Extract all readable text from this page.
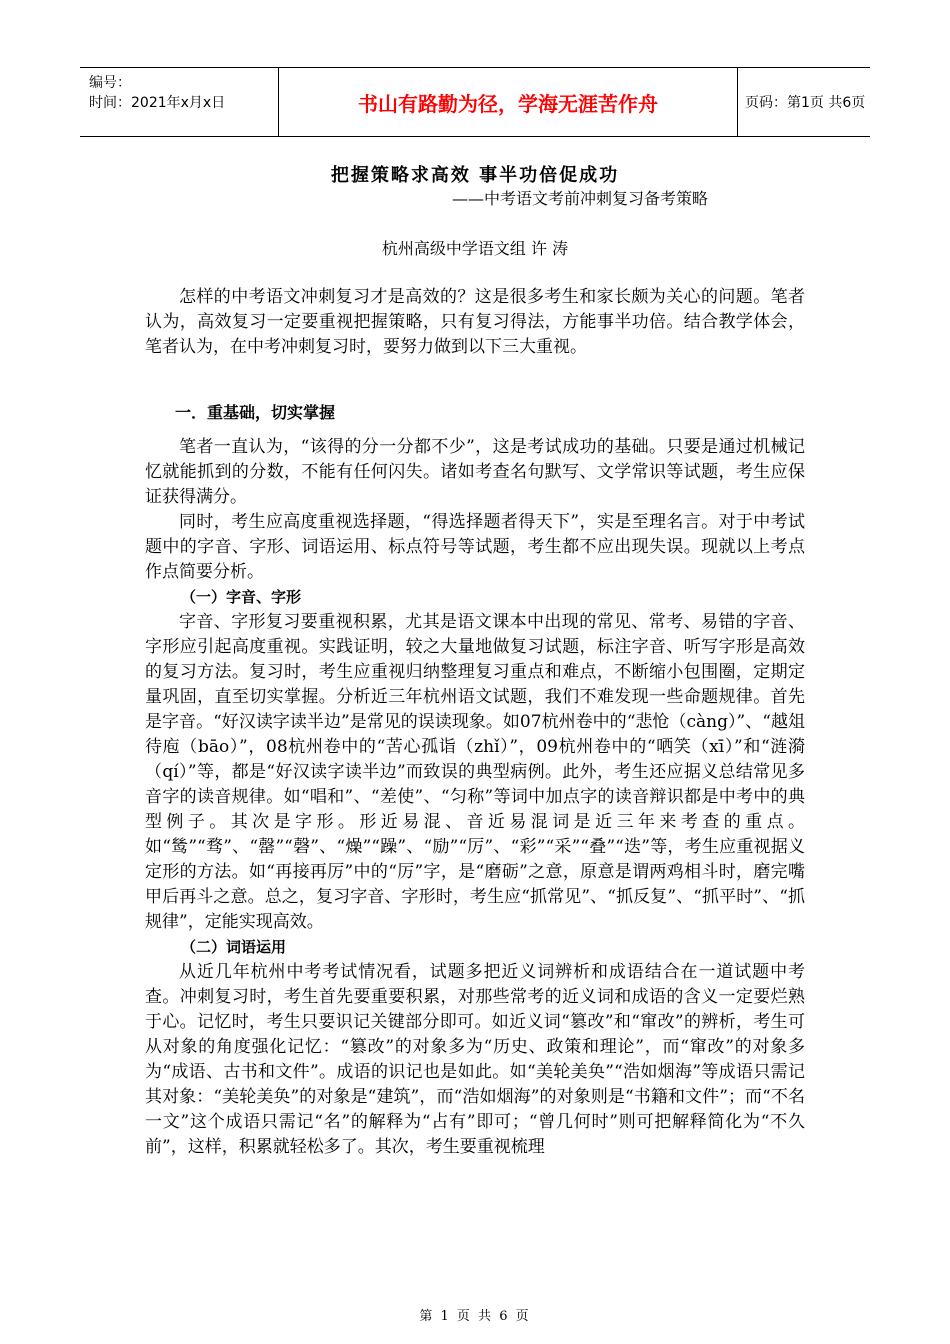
编号：
时间：2021年x月x日	书山有路勤为径，学海无涯苦作舟	页码：第1页 共6页
把握策略求高效 事半功倍促成功
——中考语文考前冲刺复习备考策略
杭州高级中学语文组 许 涛

怎样的中考语文冲刺复习才是高效的？这是很多考生和家长颇为关心的问题。笔者认为，高效复习一定要重视把握策略，只有复习得法，方能事半功倍。结合教学体会，笔者认为，在中考冲刺复习时，要努力做到以下三大重视。

一．重基础，切实掌握

笔者一直认为，“该得的分一分都不少”，这是考试成功的基础。只要是通过机械记忆就能抓到的分数，不能有任何闪失。诸如考查名句默写、文学常识等试题，考生应保证获得满分。

同时，考生应高度重视选择题，“得选择题者得天下”，实是至理名言。对于中考试题中的字音、字形、词语运用、标点符号等试题，考生都不应出现失误。现就以上考点作点简要分析。

（一）字音、字形

字音、字形复习要重视积累，尤其是语文课本中出现的常见、常考、易错的字音、字形应引起高度重视。实践证明，较之大量地做复习试题，标注字音、听写字形是高效的复习方法。复习时，考生应重视归纳整理复习重点和难点，不断缩小包围圈，定期定量巩固，直至切实掌握。分析近三年杭州语文试题，我们不难发现一些命题规律。首先是字音。“好汉读字读半边”是常见的误读现象。如07杭州卷中的“悲怆（càng）”、“越俎待庖（bāo）”，08杭州卷中的“苦心孤诣（zhǐ）”，09杭州卷中的“哂笑（xī）”和“涟漪（qí）”等，都是“好汉读字读半边”而致误的典型病例。此外，考生还应据义总结常见多音字的读音规律。如“唱和”、“差使”、“匀称”等词中加点字的读音辩识都是中考中的典型例子。其次是字形。形近易混、音近易混词是近三年来考查的重点。如“鸶”“骛”、“罄”“磬”、“燥”“躁”、“励”“厉”、“彩”“采”“叠”“迭”等，考生应重视据义定形的方法。如“再接再厉”中的“厉”字，是“磨砺”之意，原意是谓两鸡相斗时，磨完嘴甲后再斗之意。总之，复习字音、字形时，考生应“抓常见”、“抓反复”、“抓平时”、“抓规律”，定能实现高效。

（二）词语运用

从近几年杭州中考考试情况看，试题多把近义词辨析和成语结合在一道试题中考查。冲刺复习时，考生首先要重要积累，对那些常考的近义词和成语的含义一定要烂熟于心。记忆时，考生只要识记关键部分即可。如近义词“篡改”和“窜改”的辨析，考生可从对象的角度强化记忆：“篡改”的对象多为“历史、政策和理论”，而“窜改”的对象多为“成语、古书和文件”。成语的识记也是如此。如“美轮美奂”“浩如烟海”等成语只需记其对象：“美轮美奂”的对象是“建筑”，而“浩如烟海”的对象则是“书籍和文件”；而“不名一文”这个成语只需记“名”的解释为“占有”即可；“曾几何时”则可把解释简化为“不久前”，这样，积累就轻松多了。其次，考生要重视梳理

第 1 页 共 6 页
